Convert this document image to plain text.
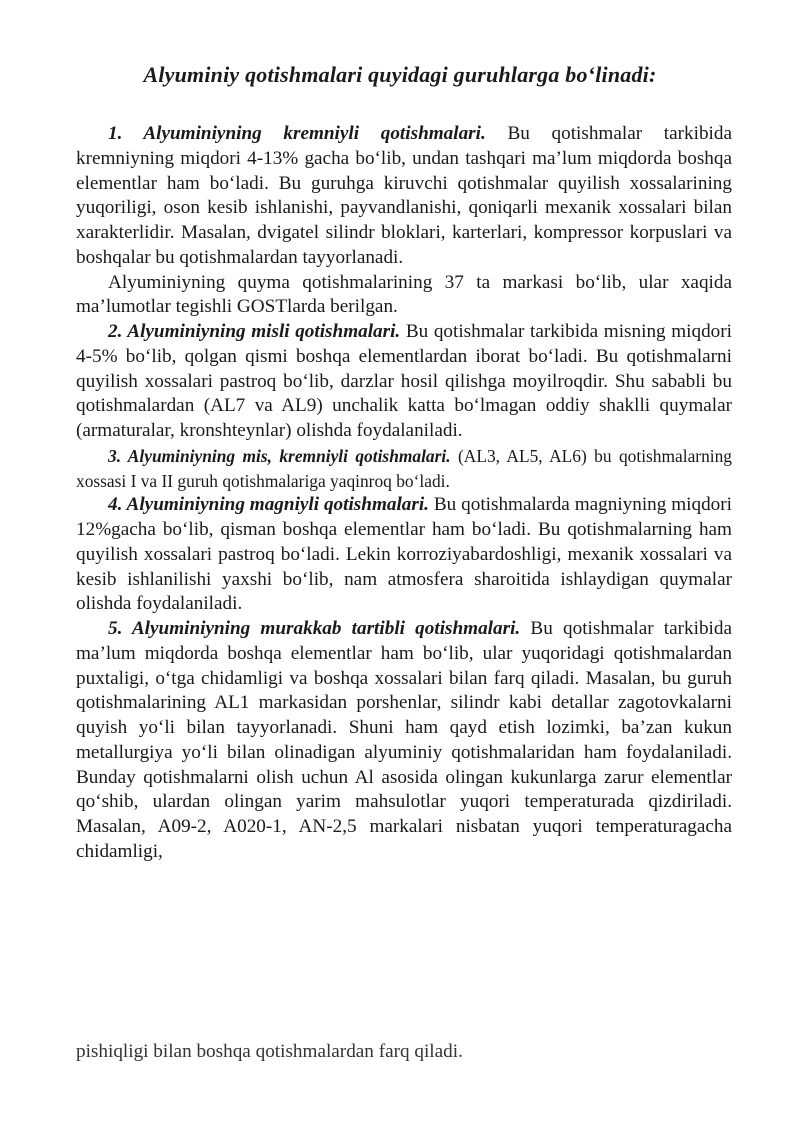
Alyuminiy qotishmalari quyidagi guruhlarga bo‘linadi:

1. Alyuminiyning kremniyli qotishmalari. Bu qotishmalar tarkibida kremniyning miqdori 4-13% gacha bo‘lib, undan tashqari ma’lum miqdorda boshqa elementlar ham bo‘ladi. Bu guruhga kiruvchi qotishmalar quyilish xossalarining yuqoriligi, oson kesib ishlanishi, payvandlanishi, qoniqarli mexanik xossalari bilan xarakterlidir. Masalan, dvigatel silindr bloklari, karterlari, kompressor korpuslari va boshqalar bu qotishmalardan tayyorlanadi.

Alyuminiyning quyma qotishmalarining 37 ta markasi bo‘lib, ular xaqida ma’lumotlar tegishli GOSTlarda berilgan.

2. Alyuminiyning misli qotishmalari. Bu qotishmalar tarkibida misning miqdori 4-5% bo‘lib, qolgan qismi boshqa elementlardan iborat bo‘ladi. Bu qotishmalarni quyilish xossalari pastroq bo‘lib, darzlar hosil qilishga moyilroqdir. Shu sababli bu qotishmalardan (AL7 va AL9) unchalik katta bo‘lmagan oddiy shaklli quymalar (armaturalar, kronshteynlar) olishda foydalaniladi.

3. Alyuminiyning mis, kremniyli qotishmalari. (AL3, AL5, AL6) bu qotishmalarning xossasi I va II guruh qotishmalariga yaqinroq bo‘ladi.

4. Alyuminiyning magniyli qotishmalari. Bu qotishmalarda magniyning miqdori 12%gacha bo‘lib, qisman boshqa elementlar ham bo‘ladi. Bu qotishmalarning ham quyilish xossalari pastroq bo‘ladi. Lekin korroziyabardoshligi, mexanik xossalari va kesib ishlanilishi yaxshi bo‘lib, nam atmosfera sharoitida ishlaydigan quymalar olishda foydalaniladi.

5. Alyuminiyning murakkab tartibli qotishmalari. Bu qotishmalar tarkibida ma’lum miqdorda boshqa elementlar ham bo‘lib, ular yuqoridagi qotishmalardan puxtaligi, o‘tga chidamligi va boshqa xossalari bilan farq qiladi. Masalan, bu guruh qotishmalarining AL1 markasidan porshenlar, silindr kabi detallar zagotovkalarni quyish yo‘li bilan tayyorlanadi. Shuni ham qayd etish lozimki, ba’zan kukun metallurgiya yo‘li bilan olinadigan alyuminiy qotishmalaridan ham foydalaniladi. Bunday qotishmalarni olish uchun Al asosida olingan kukunlarga zarur elementlar qo‘shib, ulardan olingan yarim mahsulotlar yuqori temperaturada qizdiriladi. Masalan, A09-2, A020-1, AN-2,5 markalari nisbatan yuqori temperaturagacha chidamligi,

pishiqligi bilan boshqa qotishmalardan farq qiladi.
